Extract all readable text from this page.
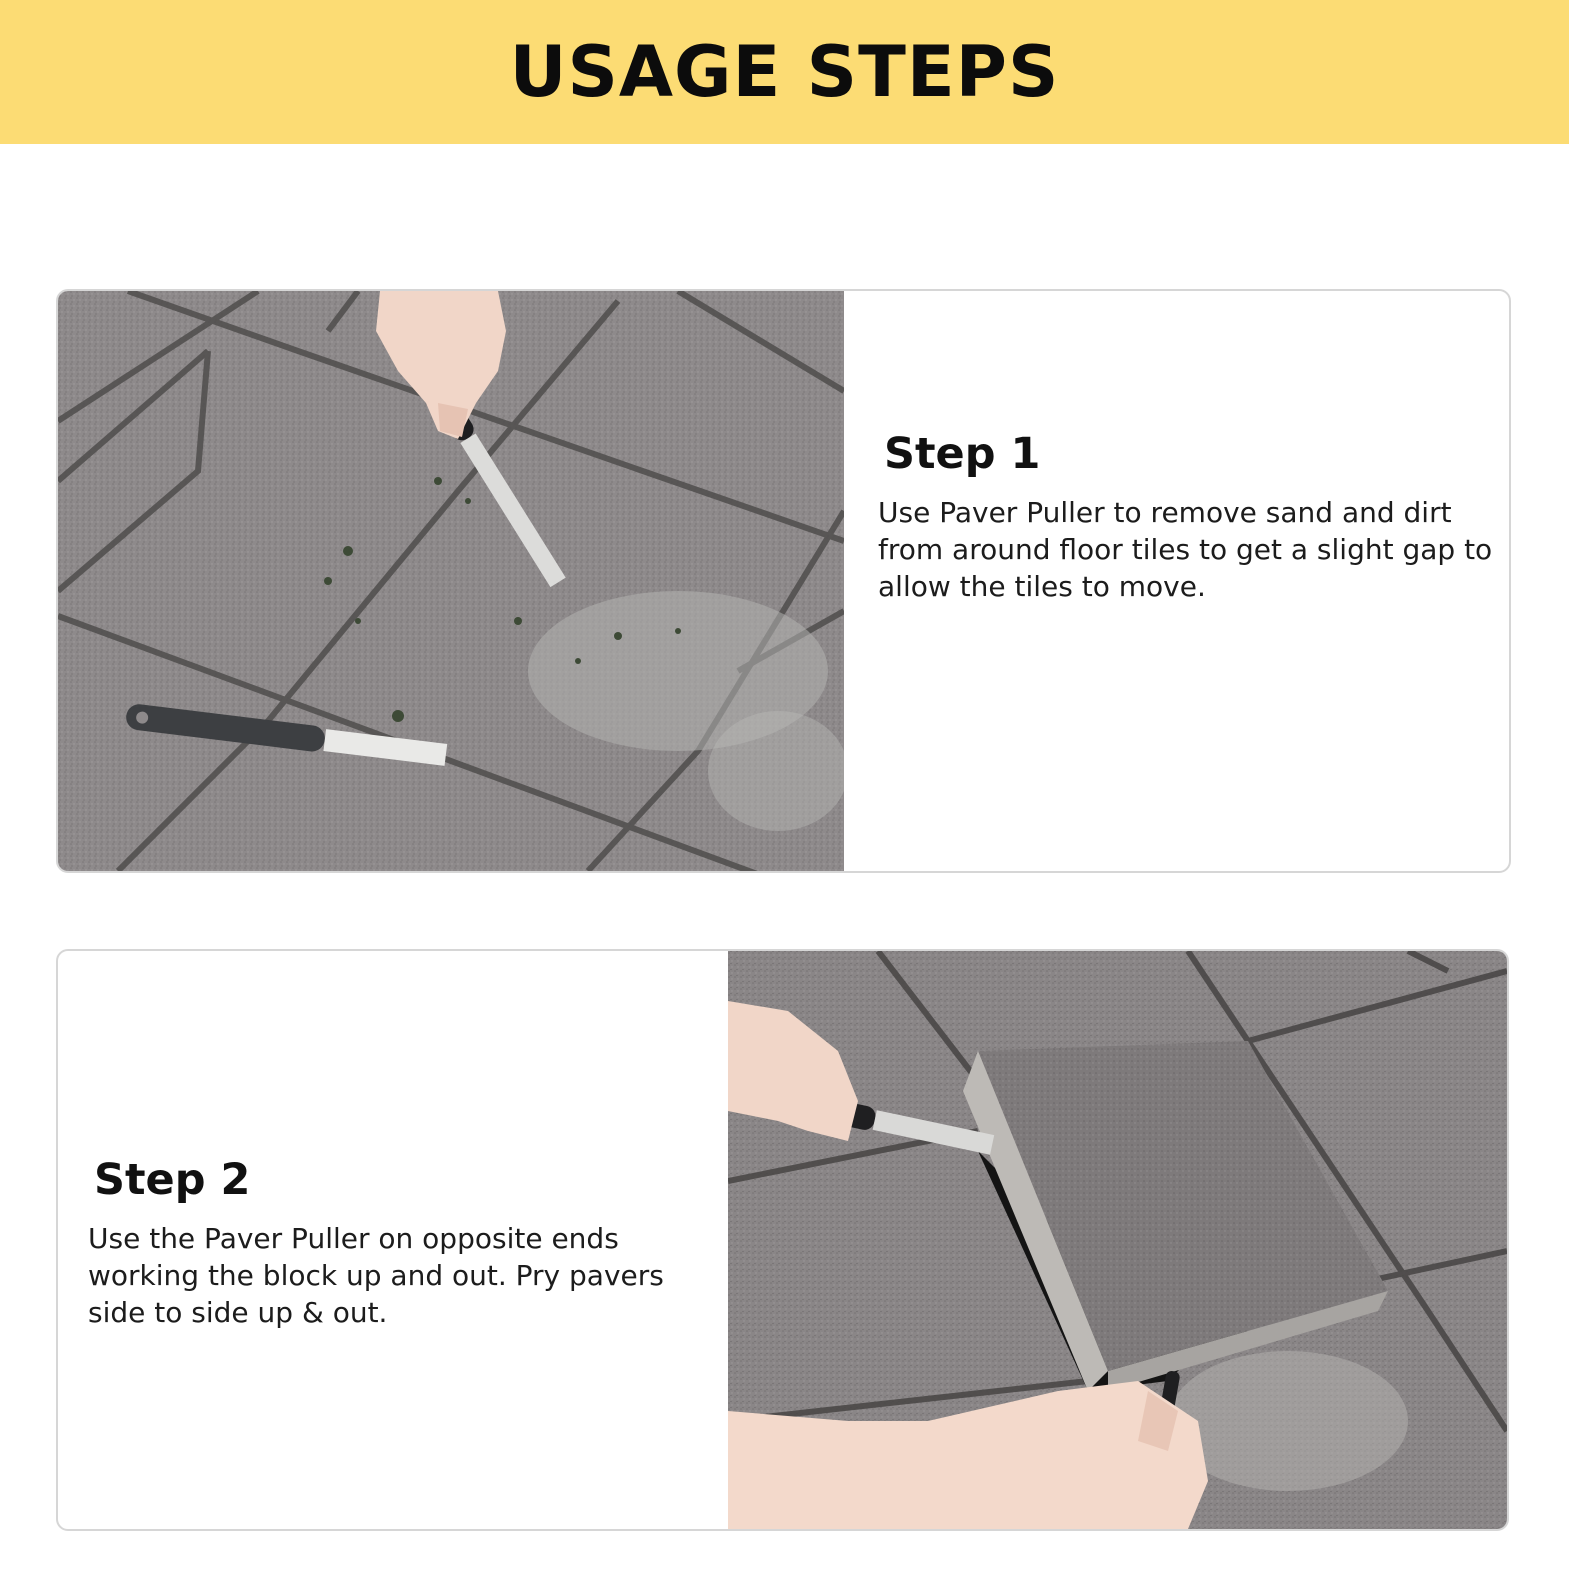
USAGE STEPS
Step 1

Use Paver Puller to remove sand and dirt from around floor tiles to get a slight gap to allow the tiles to move.

Step 2

Use the Paver Puller on opposite ends working the block up and out. Pry pavers side to side up & out.
